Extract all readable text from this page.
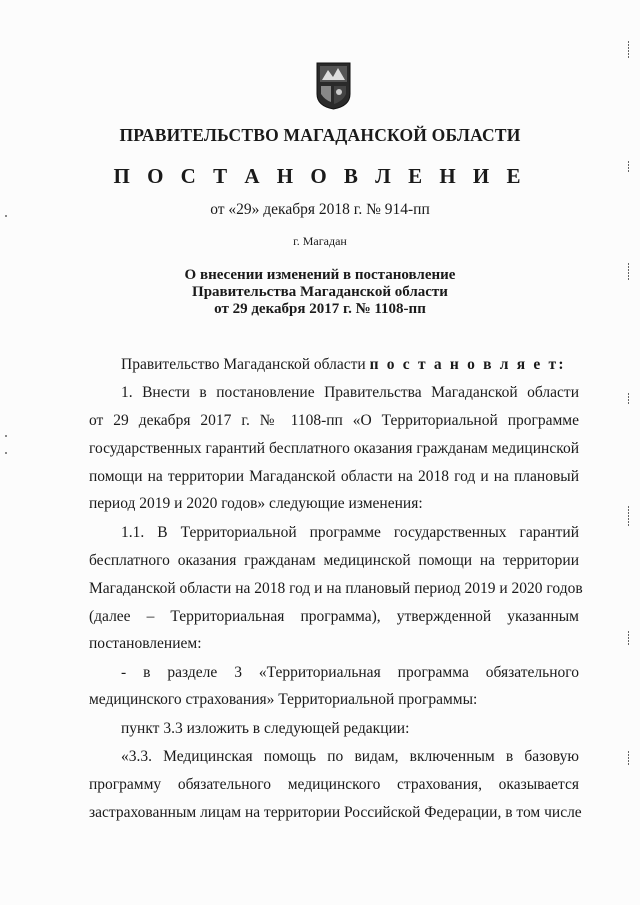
ПРАВИТЕЛЬСТВО МАГАДАНСКОЙ ОБЛАСТИ
П О С Т А Н О В Л Е Н И Е
от «29» декабря 2018 г. № 914-пп
г. Магадан
О внесении изменений в постановление
Правительства Магаданской области
от 29 декабря 2017 г. № 1108-пп
Правительство Магаданской области п о с т а н о в л я е т:
1. Внести в постановление Правительства Магаданской области
от 29 декабря 2017 г. № 1108-пп «О Территориальной программе
государственных гарантий бесплатного оказания гражданам медицинской
помощи на территории Магаданской области на 2018 год и на плановый
период 2019 и 2020 годов» следующие изменения:
1.1. В Территориальной программе государственных гарантий
бесплатного оказания гражданам медицинской помощи на территории
Магаданской области на 2018 год и на плановый период 2019 и 2020 годов
(далее – Территориальная программа), утвержденной указанным
постановлением:
- в разделе 3 «Территориальная программа обязательного
медицинского страхования» Территориальной программы:
пункт 3.3 изложить в следующей редакции:
«3.3. Медицинская помощь по видам, включенным в базовую
программу обязательного медицинского страхования, оказывается
застрахованным лицам на территории Российской Федерации, в том числе
